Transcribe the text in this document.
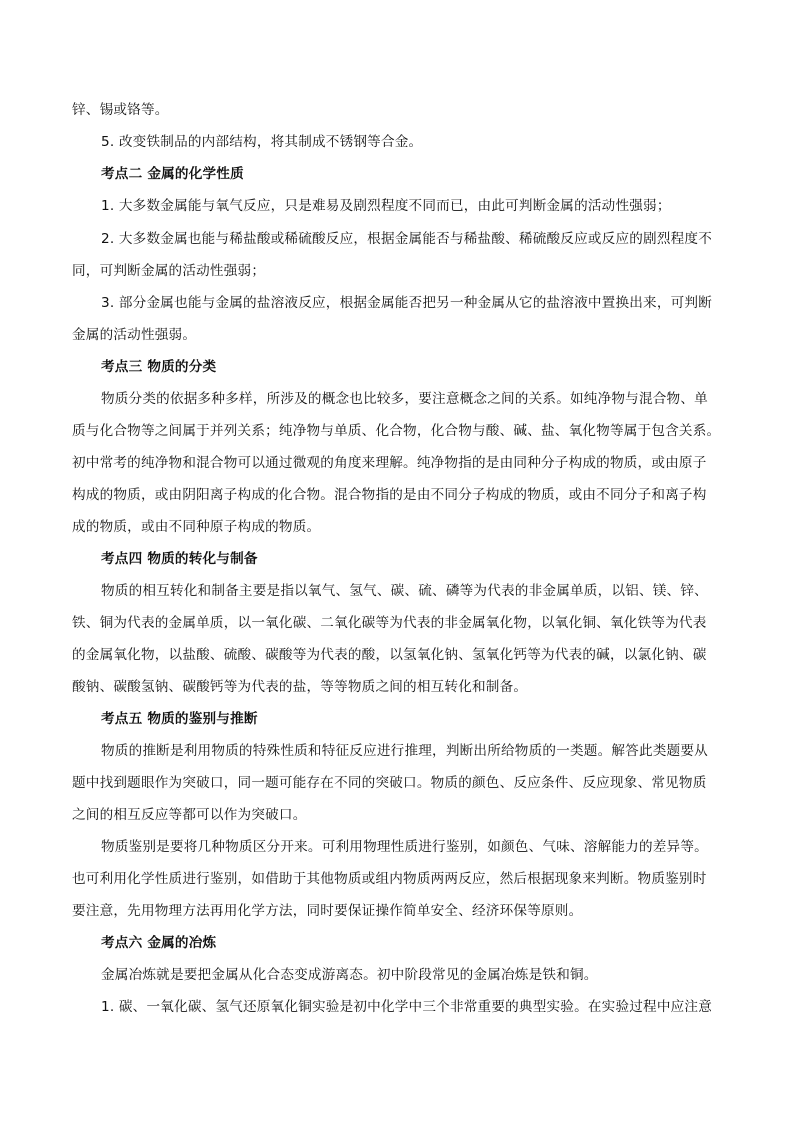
锌、锡或铬等。
5. 改变铁制品的内部结构，将其制成不锈钢等合金。
考点二 金属的化学性质
1. 大多数金属能与氧气反应，只是难易及剧烈程度不同而已，由此可判断金属的活动性强弱；
2. 大多数金属也能与稀盐酸或稀硫酸反应，根据金属能否与稀盐酸、稀硫酸反应或反应的剧烈程度不
同，可判断金属的活动性强弱；
3. 部分金属也能与金属的盐溶液反应，根据金属能否把另一种金属从它的盐溶液中置换出来，可判断
金属的活动性强弱。
考点三 物质的分类
物质分类的依据多种多样，所涉及的概念也比较多，要注意概念之间的关系。如纯净物与混合物、单
质与化合物等之间属于并列关系；纯净物与单质、化合物，化合物与酸、碱、盐、氧化物等属于包含关系。
初中常考的纯净物和混合物可以通过微观的角度来理解。纯净物指的是由同种分子构成的物质，或由原子
构成的物质，或由阴阳离子构成的化合物。混合物指的是由不同分子构成的物质，或由不同分子和离子构
成的物质，或由不同种原子构成的物质。
考点四 物质的转化与制备
物质的相互转化和制备主要是指以氧气、氢气、碳、硫、磷等为代表的非金属单质，以铝、镁、锌、
铁、铜为代表的金属单质，以一氧化碳、二氧化碳等为代表的非金属氧化物，以氧化铜、氧化铁等为代表
的金属氧化物，以盐酸、硫酸、碳酸等为代表的酸，以氢氧化钠、氢氧化钙等为代表的碱，以氯化钠、碳
酸钠、碳酸氢钠、碳酸钙等为代表的盐，等等物质之间的相互转化和制备。
考点五 物质的鉴别与推断
物质的推断是利用物质的特殊性质和特征反应进行推理，判断出所给物质的一类题。解答此类题要从
题中找到题眼作为突破口，同一题可能存在不同的突破口。物质的颜色、反应条件、反应现象、常见物质
之间的相互反应等都可以作为突破口。
物质鉴别是要将几种物质区分开来。可利用物理性质进行鉴别，如颜色、气味、溶解能力的差异等。
也可利用化学性质进行鉴别，如借助于其他物质或组内物质两两反应，然后根据现象来判断。物质鉴别时
要注意，先用物理方法再用化学方法，同时要保证操作简单安全、经济环保等原则。
考点六 金属的冶炼
金属冶炼就是要把金属从化合态变成游离态。初中阶段常见的金属冶炼是铁和铜。
1. 碳、一氧化碳、氢气还原氧化铜实验是初中化学中三个非常重要的典型实验。在实验过程中应注意
